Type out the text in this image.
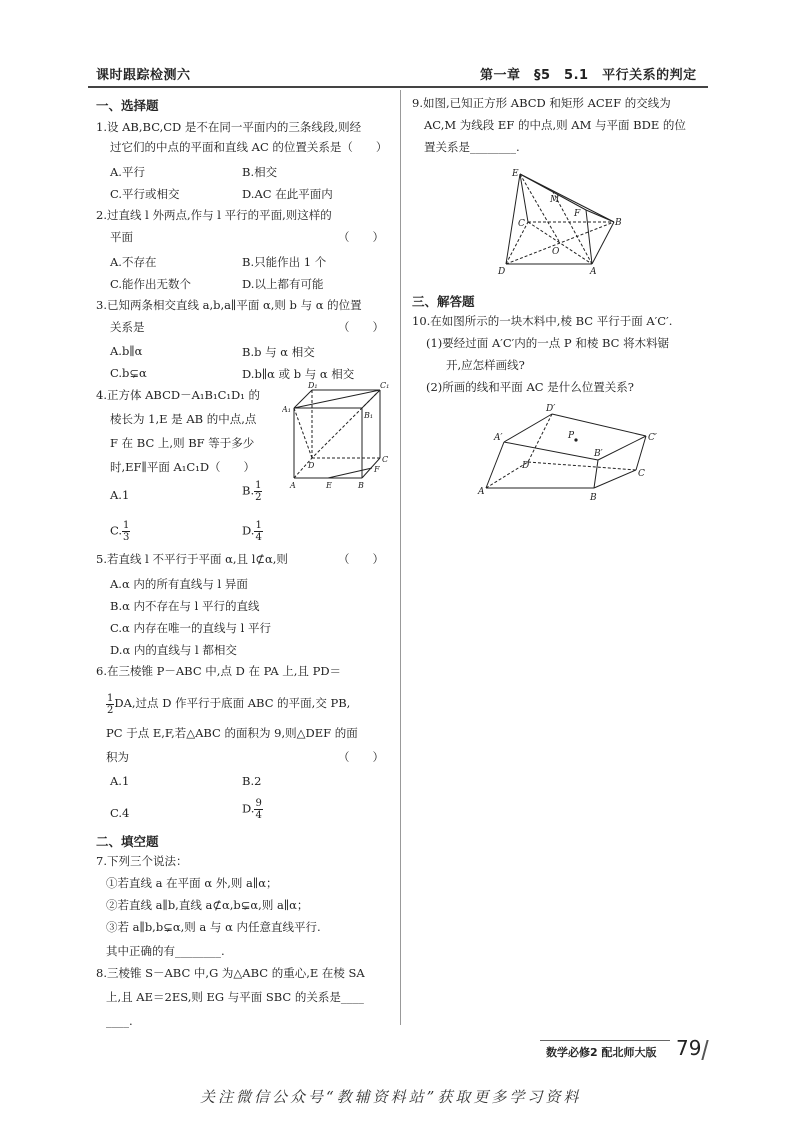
课时跟踪检测六	第一章　§5　5.1　平行关系的判定
一、选择题
1.设 AB,BC,CD 是不在同一平面内的三条线段,则经
过它们的中点的平面和直线 AC 的位置关系是（　　）
A.平行	B.相交
C.平行或相交	D.AC 在此平面内
2.过直线 l 外两点,作与 l 平行的平面,则这样的
平面	（　　）
A.不存在	B.只能作出 1 个
C.能作出无数个	D.以上都有可能
3.已知两条相交直线 a,b,a∥平面 α,则 b 与 α 的位置
关系是	（　　）
A.b∥α	B.b 与 α 相交
C.b⊊α	D.b∥α 或 b 与 α 相交
4.正方体 ABCD－A₁B₁C₁D₁ 的
棱长为 1,E 是 AB 的中点,点
F 在 BC 上,则 BF 等于多少
时,EF∥平面 A₁C₁D（　　）
A.1	B. $\frac{1}{2}$
C. $\frac{1}{3}$	D. $\frac{1}{4}$
D₁	C₁
A₁
B₁
D
C
F
A	E	B
5.若直线 l 不平行于平面 α,且 l⊄α,则	（　　）
A.α 内的所有直线与 l 异面
B.α 内不存在与 l 平行的直线
C.α 内存在唯一的直线与 l 平行
D.α 内的直线与 l 都相交
6.在三棱锥 P－ABC 中,点 D 在 PA 上,且 PD＝
$\frac{1}{2}$ DA,过点 D 作平行于底面 ABC 的平面,交 PB,
PC 于点 E,F,若△ABC 的面积为 9,则△DEF 的面
积为	（　　）
A.1	B.2
C.4	D. $\frac{9}{4}$
二、填空题
7.下列三个说法：
①若直线 a 在平面 α 外,则 a∥α；
②若直线 a∥b,直线 a⊄α,b⊊α,则 a∥α；
③若 a∥b,b⊊α,则 a 与 α 内任意直线平行.
其中正确的有________.
8.三棱锥 S－ABC 中,G 为△ABC 的重心,E 在棱 SA
上,且 AE＝2ES,则 EG 与平面 SBC 的关系是____
____.
9.如图,已知正方形 ABCD 和矩形 ACEF 的交线为
AC,M 为线段 EF 的中点,则 AM 与平面 BDE 的位
置关系是________.
E
M
F
C	B
O
D	A
三、解答题
10.在如图所示的一块木料中,棱 BC 平行于面 A′C′.
(1)要经过面 A′C′内的一点 P 和棱 BC 将木料锯
开,应怎样画线?
(2)所画的线和平面 AC 是什么位置关系?
D′
A′	P	C′
B′
D
C
A
B
数学必修2 配北师大版 79
关注微信公众号“教辅资料站”获取更多学习资料
